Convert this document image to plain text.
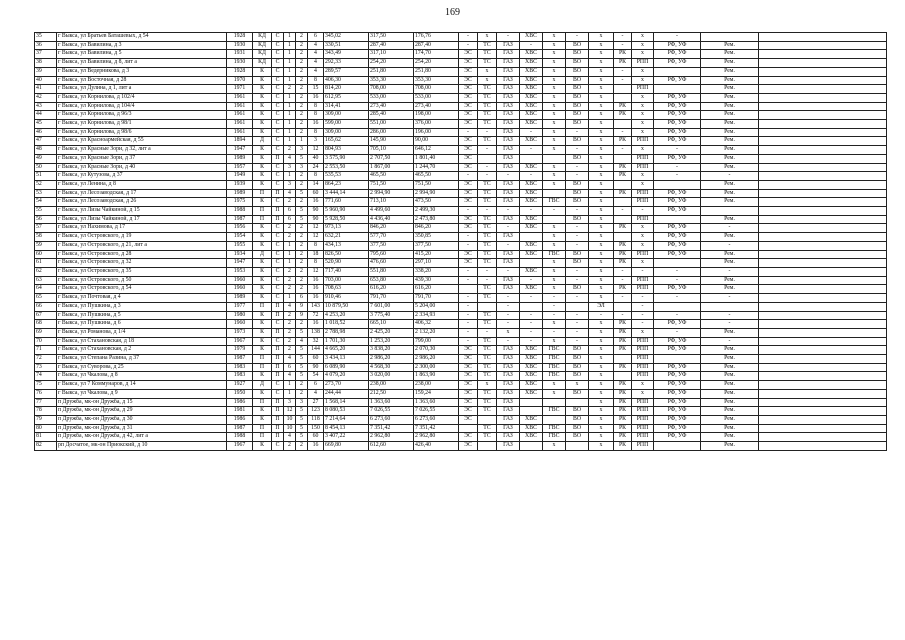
169
35	г Выкса, ул Братьев Баташевых, д 54	1928	КД	С	1	2	6	345,02	317,50	176,76	-	х	-	ХВС	х	-	х	-	х	-		
36	г Выкса, ул Вавилина, д 3	1930	КД	С	1	2	4	330,51	287,40	287,40	-	ТС	ГАЗ	-	х	ВО	х	-	х	РФ, УФ	Рем.	
37	г Выкса, ул Вавилина, д 5	1931	КД	С	1	2	4	343,49	317,10	174,70	ЭС	ТС	ГАЗ	ХВС	х	ВО	х	РК	х	РФ, УФ	Рем.	
38	г Выкса, ул Вавилина, д 8, лит а	1930	КД	С	1	2	4	292,33	254,20	254,20	ЭС	ТС	ГАЗ	ХВС	х	ВО	х	РК	РПП	РФ, УФ	Рем.	
39	г Выкса, ул Ведерникова, д 3	1928	К	С	1	2	4	289,57	251,80	251,80	ЭС	х	ГАЗ	ХВС	х	ВО	х	-	х		Рем.	
40	г Выкса, ул Восточная, д 28	1970	К	С	1	2	8	406,30	353,30	353,30	ЭС	х	ГАЗ	ХВС	х	ВО	х	-	х	РФ, УФ	Рем.	
41	г Выкса, ул Дулина, д 1, лит а	1971	К	С	2	2	15	814,20	708,00	708,00	ЭС	ТС	ГАЗ	ХВС	х	ВО	х		РПП		Рем.	
42	г Выкса, ул Корнилова, д 102/4	1961	К	С	1	2	16	612,95	533,00	533,00	ЭС	ТС	ГАЗ	ХВС	х	ВО	х		х	РФ, УФ	Рем.	
43	г Выкса, ул Корнилова, д 104/4	1961	К	С	1	2	8	314,41	273,40	273,40	ЭС	ТС	ГАЗ	ХВС	х	ВО	х	РК	х	РФ, УФ	Рем.	
44	г Выкса, ул Корнилова, д 96/3	1961	К	С	1	2	8	309,00	285,40	198,00	ЭС	ТС	ГАЗ	ХВС	х	ВО	х	РК	х	РФ, УФ	Рем.	
45	г Выкса, ул Корнилова, д 98/1	1961	К	С	1	2	16	599,00	551,00	376,00	ЭС	ТС	ГАЗ	ХВС	х	ВО	х		х	РФ, УФ	Рем.	
46	г Выкса, ул Корнилова, д 98/6	1961	К	С	1	2	8	309,00	286,00	196,00	-	-	ГАЗ	-	х	-	х	-	х	РФ, УФ	Рем.	
47	г Выкса, ул Красноармейская, д 55	1894	Д	С	1	1	3	165,62	145,90	90,00	ЭС	ТС	ГАЗ	ХВС	х	ВО	х	РК	РПП	РФ, УФ	Рем.	
48	г Выкса, ул Красные Зори, д 32, лит а	1947	К	С	2	3	12	804,93	705,10	646,12	ЭС	-	ГАЗ	-	х	-	х	-	х	-	Рем.	
49	г Выкса, ул Красные Зори, д 37	1989	К	П	4	5	40	3 575,90	2 707,50	1 801,40	ЭС		ГАЗ			ВО	х		РПП	РФ, УФ	Рем.	
50	г Выкса, ул Красные Зори, д 40	1957	К	С	3	3	24	2 553,50	1 867,00	1 244,70	ЭС	-	ГАЗ	ХВС	х	-	х	РК	РПП	-	Рем.	
51	г Выкса, ул Кутузова, д 37	1949	К	С	1	2	8	535,53	465,50	465,50	-	-	-	-	х	-	х	РК	х	-	-	
52	г Выкса, ул Ленина, д 8	1939	К	С	3	2	14	864,23	751,50	751,50	ЭС	ТС	ГАЗ	ХВС	х	ВО	х		х		Рем.	
53	г Выкса, ул Лесозаводская, д 17	1989	П	П	4	5	60	3 444,14	2 994,90	2 994,90	ЭС	ТС	ГАЗ	ХВС		ВО	х	РК	РПП	РФ, УФ	Рем.	
54	г Выкса, ул Лесозаводская, д 26	1975	К	С	2	2	16	771,60	713,10	473,50	ЭС	ТС	ГАЗ	ХВС	ГВС	ВО	х		РПП	РФ, УФ	Рем.	
55	г Выкса, ул Лизы Чайкиной, д 15	1988	П	П	6	5	90	5 960,90	4 499,60	2 499,30	-	-	-	-	-	-	х	-	-	РФ, УФ		
56	г Выкса, ул Лизы Чайкиной, д 17	1987	П	П	6	5	90	5 928,50	4 436,40	2 473,80	ЭС	ТС	ГАЗ	ХВС		ВО	х		РПП		Рем.	
57	г Выкса, ул Нахимова, д 17	1956	К	С	2	2	12	973,13	846,20	846,20	ЭС	ТС	-	ХВС	х	-	х	РК	х	РФ, УФ	-	
58	г Выкса, ул Островского, д 19	1954	К	С	2	2	12	632,21	577,70	350,85	-	ТС	ГАЗ		х	-	х		х	РФ, УФ	Рем.	
59	г Выкса, ул Островского, д 21, лит а	1955	К	С	1	2	8	434,13	377,50	377,50	-	ТС	-	ХВС	х	-	х	РК	х	РФ, УФ	-	
60	г Выкса, ул Островского, д 28	1934	Д	С	1	2	18	826,50	795,60	415,20	ЭС	ТС	ГАЗ	ХВС	ГВС	ВО	х	РК	РПП	РФ, УФ	Рем.	
61	г Выкса, ул Островского, д 32	1947	К	С	1	2	8	520,90	476,60	297,10	ЭС	ТС	ГАЗ		х	ВО	х	РК	х		Рем.	
62	г Выкса, ул Островского, д 35	1953	К	С	2	2	12	717,40	551,80	338,20	-	-	-	ХВС	х	-	х	-	-	-	-	
63	г Выкса, ул Островского, д 50	1960	К	С	2	2	16	703,00	653,80	439,30	-	-	ГАЗ	-	х	-	х	-	РПП	-	Рем.	
64	г Выкса, ул Островского, д 54	1960	К	С	2	2	16	708,63	616,20	616,20		ТС	ГАЗ	ХВС	х	ВО	х	РК	РПП	РФ, УФ	Рем.	
65	г Выкса, ул Почтовая, д 4	1989	К	С	1	6	16	910,46	791,70	791,70	-	ТС	-	-	-	-	х	-	-	-	-	
66	г Выкса, ул Пушкина, д 3	1977	П	П	4	9	143	10 879,50	7 601,00	5 204,00	-		-		-		ЭЛ		-			
67	г Выкса, ул Пушкина, д 5	1980	К	П	2	9	72	4 253,20	3 775,40	2 334,93	-	ТС	-	-	-	-	-	-	-	-	-	
68	г Выкса, ул Пушкина, д 6	1960	К	С	2	2	16	1 018,52	665,10	406,32	-	ТС	-	-	х	-	х	РК	-	РФ, УФ	-	
69	г Выкса, ул Романова, д 1/4	1973	К	П	2	5	138	2 788,98	2 425,20	2 132,20	-	-	х	-	-	-	х	РК	х	-	Рем.	
70	г Выкса, ул Стахановская, д 18	1967	К	С	2	4	32	1 701,30	1 253,20	799,00	-	ТС	-	-	х	-	х	РК	РПП	РФ, УФ	-	
71	г Выкса, ул Стахановская, д 2	1979	К	П	2	5	144	4 665,20	3 838,20	2 070,30	ЭС	ТС	ГАЗ	ХВС	ГВС	ВО	х	РК	РПП	РФ, УФ	Рем.	
72	г Выкса, ул Степана Разина, д 37	1987	П	П	4	5	60	3 434,13	2 986,20	2 986,20	ЭС	ТС	ГАЗ	ХВС	ГВС	ВО	х		РПП		Рем.	
73	г Выкса, ул Суворова, д 25	1983	П	П	6	5	90	6 089,90	4 568,30	2 300,00	ЭС	ТС	ГАЗ	ХВС	ГВС	ВО	х	РК	РПП	РФ, УФ	Рем.	
74	г Выкса, ул Чкалова, д 8	1983	К	П	4	5	54	4 079,20	3 020,00	1 863,90	ЭС	ТС	ГАЗ	ХВС	ГВС	ВО	х		РПП	РФ, УФ	Рем.	
75	г Выкса, ул 7 Коммунаров, д 14	1927	Д	С	1	2	6	273,70	238,00	238,00	ЭС	х	ГАЗ	ХВС	х	х	х	РК	х	РФ, УФ	Рем.	
76	г Выкса, ул Чкалова, д 9	1950	К	С	1	2	4	244,44	212,50	159,24	ЭС	ТС	ГАЗ	ХВС	х	ВО	х	РК	х	РФ, УФ	Рем.	
77	п Дружба, мк-он Дружба, д 15	1986	П	П	3	3	27	1 568,14	1 363,60	1 363,60	ЭС	ТС	ГАЗ				х	РК	РПП	РФ, УФ	Рем.	
78	п Дружба, мк-он Дружба, д 29	1981	К	П	12	5	123	8 080,53	7 026,55	7 026,55	ЭС	ТС	ГАЗ		ГВС	ВО	х	РК	РПП	РФ, УФ	Рем.	
79	п Дружба, мк-он Дружба, д 30	1986	К	П	10	5	118	7 214,64	6 273,60	6 273,60	ЭС		ГАЗ	ХВС		ВО	х	РК	РПП	РФ, УФ	Рем.	
80	п Дружба, мк-он Дружба, д 31	1987	П	П	10	5	150	8 454,13	7 351,42	7 351,42		ТС	ГАЗ	ХВС	ГВС	ВО	х	РК	РПП	РФ, УФ	Рем.	
81	п Дружба, мк-он Дружба, д 42, лит а	1988	П	П	4	5	60	3 407,22	2 962,80	2 962,80	ЭС	ТС	ГАЗ	ХВС	ГВС	ВО	х	РК	РПП	РФ, УФ	Рем.	
82	рп Досчатое, мк-он Приокский, д 10	1967	К	С	2	2	16	669,80	612,60	426,40	ЭС		ГАЗ		х		х	РК	РПП		Рем.	
